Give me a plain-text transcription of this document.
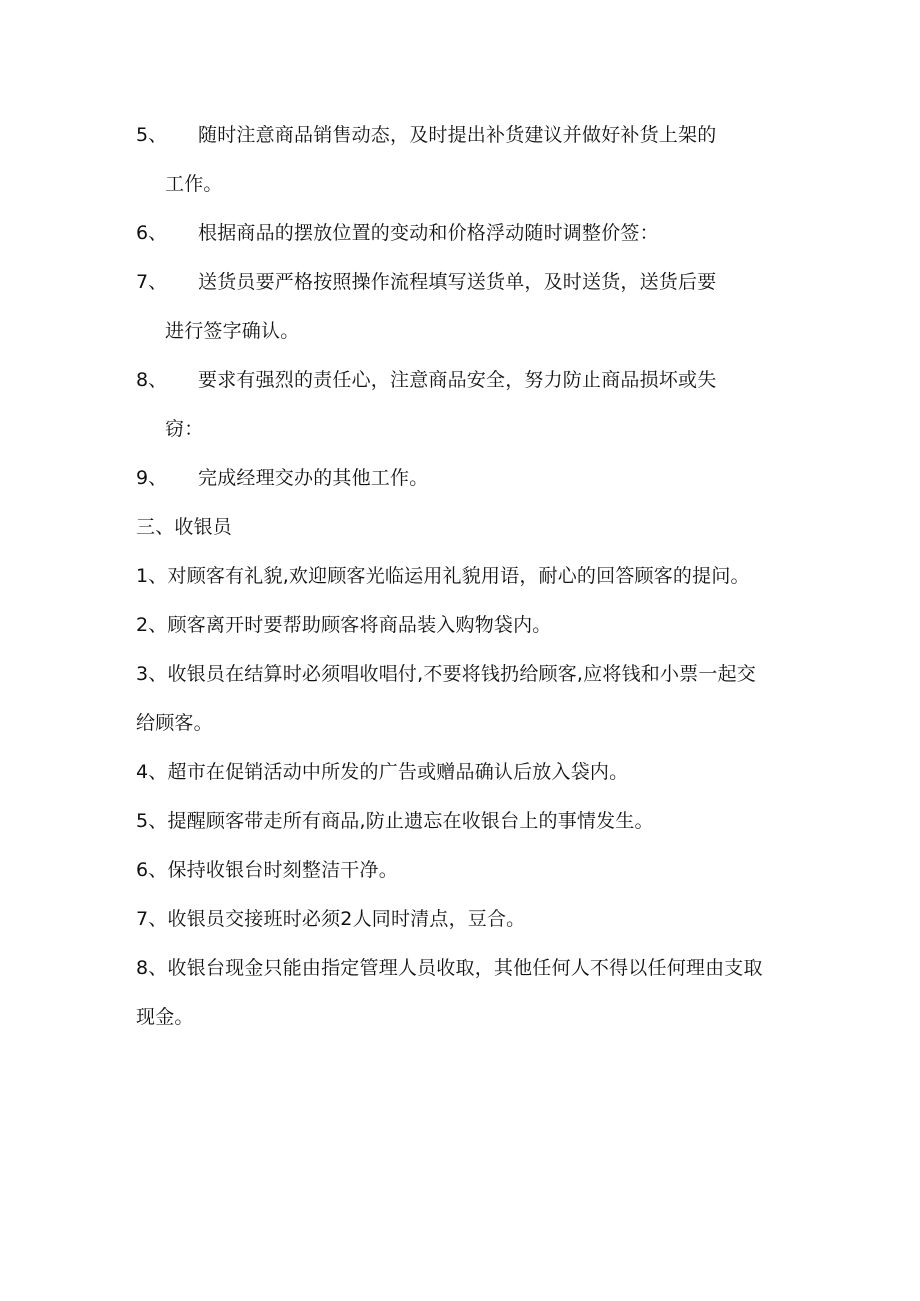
5、 随时注意商品销售动态，及时提出补货建议并做好补货上架的
工作。
6、 根据商品的摆放位置的变动和价格浮动随时调整价签：
7、 送货员要严格按照操作流程填写送货单，及时送货，送货后要
进行签字确认。
8、 要求有强烈的责任心，注意商品安全，努力防止商品损坏或失
窃：
9、 完成经理交办的其他工作。
三、收银员
1、对顾客有礼貌,欢迎顾客光临运用礼貌用语，耐心的回答顾客的提问。
2、顾客离开时要帮助顾客将商品装入购物袋内。
3、收银员在结算时必须唱收唱付,不要将钱扔给顾客,应将钱和小票一起交
给顾客。
4、超市在促销活动中所发的广告或赠品确认后放入袋内。
5、提醒顾客带走所有商品,防止遗忘在收银台上的事情发生。
6、保持收银台时刻整洁干净。
7、收银员交接班时必须2人同时清点，豆合。
8、收银台现金只能由指定管理人员收取，其他任何人不得以任何理由支取
现金。
